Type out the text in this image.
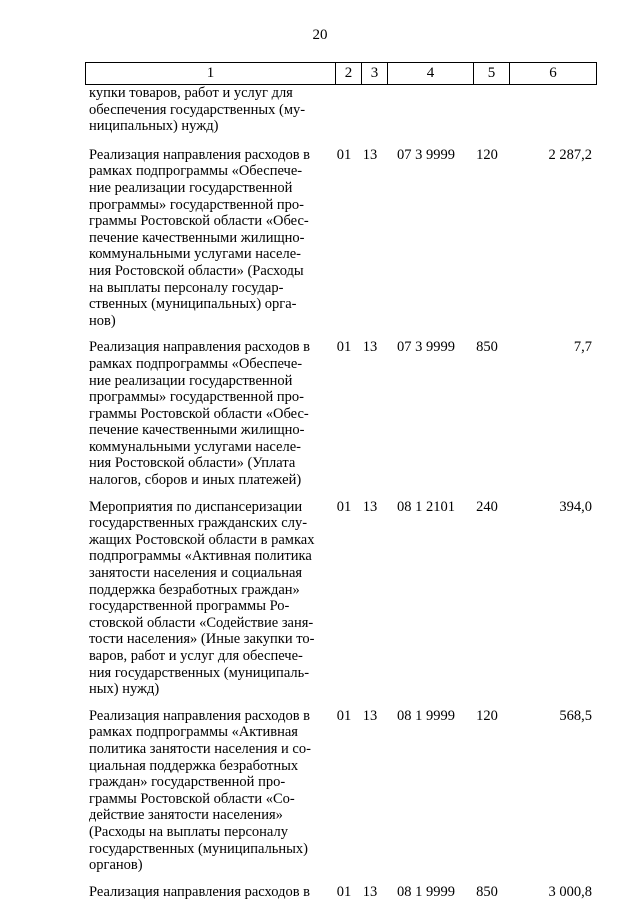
20
1	2	3	4	5	6
купки товаров, работ и услуг для
обеспечения государственных (му-
ниципальных) нужд)
Реализация направления расходов в
рамках подпрограммы «Обеспече-
ние реализации государственной
программы» государственной про-
граммы Ростовской области «Обес-
печение качественными жилищно-
коммунальными услугами населе-
ния Ростовской области» (Расходы
на выплаты персоналу государ-
ственных (муниципальных) орга-
нов)
01 13	07 3 9999	120	2 287,2
Реализация направления расходов в
рамках подпрограммы «Обеспече-
ние реализации государственной
программы» государственной про-
граммы Ростовской области «Обес-
печение качественными жилищно-
коммунальными услугами населе-
ния Ростовской области» (Уплата
налогов, сборов и иных платежей)
01 13	07 3 9999	850	7,7
Мероприятия по диспансеризации
государственных гражданских слу-
жащих Ростовской области в рамках
подпрограммы «Активная политика
занятости населения и социальная
поддержка безработных граждан»
государственной программы Ро-
стовской области «Содействие заня-
тости населения» (Иные закупки то-
варов, работ и услуг для обеспече-
ния государственных (муниципаль-
ных) нужд)
01 13	08 1 2101	240	394,0
Реализация направления расходов в
рамках подпрограммы «Активная
политика занятости населения и со-
циальная поддержка безработных
граждан» государственной про-
граммы Ростовской области «Со-
действие занятости населения»
(Расходы на выплаты персоналу
государственных (муниципальных)
органов)
01 13	08 1 9999	120	568,5
Реализация направления расходов в	01 13	08 1 9999	850	3 000,8
